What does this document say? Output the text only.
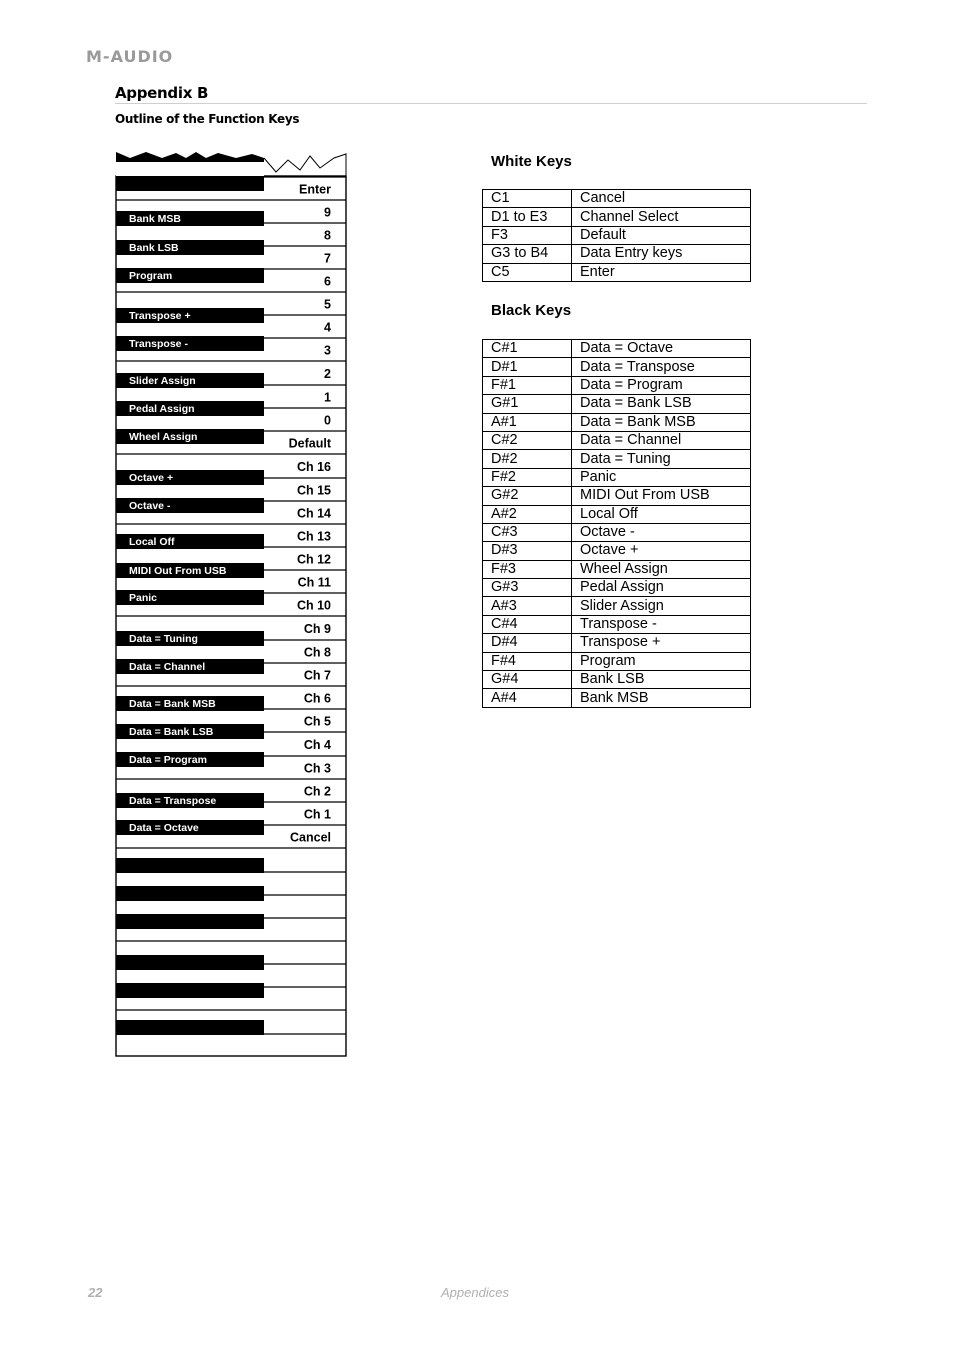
M-AUDIO
Appendix B
Outline of the Function Keys
Enter
9
8
7
6
5
4
3
2
1
0
Default
Ch 16
Ch 15
Ch 14
Ch 13
Ch 12
Ch 11
Ch 10
Ch 9
Ch 8
Ch 7
Ch 6
Ch 5
Ch 4
Ch 3
Ch 2
Ch 1
Cancel
Bank MSB
Bank LSB
Program
Transpose +
Transpose -
Slider Assign
Pedal Assign
Wheel Assign
Octave +
Octave -
Local Off
MIDI Out From USB
Panic
Data = Tuning
Data = Channel
Data = Bank MSB
Data = Bank LSB
Data = Program
Data = Transpose
Data = Octave
White Keys
C1	Cancel
D1 to E3	Channel Select
F3	Default
G3 to B4	Data Entry keys
C5	Enter
Black Keys
C#1	Data = Octave
D#1	Data = Transpose
F#1	Data = Program
G#1	Data = Bank LSB
A#1	Data = Bank MSB
C#2	Data = Channel
D#2	Data = Tuning
F#2	Panic
G#2	MIDI Out From USB
A#2	Local Off
C#3	Octave -
D#3	Octave +
F#3	Wheel Assign
G#3	Pedal Assign
A#3	Slider Assign
C#4	Transpose -
D#4	Transpose +
F#4	Program
G#4	Bank LSB
A#4	Bank MSB
22	Appendices
